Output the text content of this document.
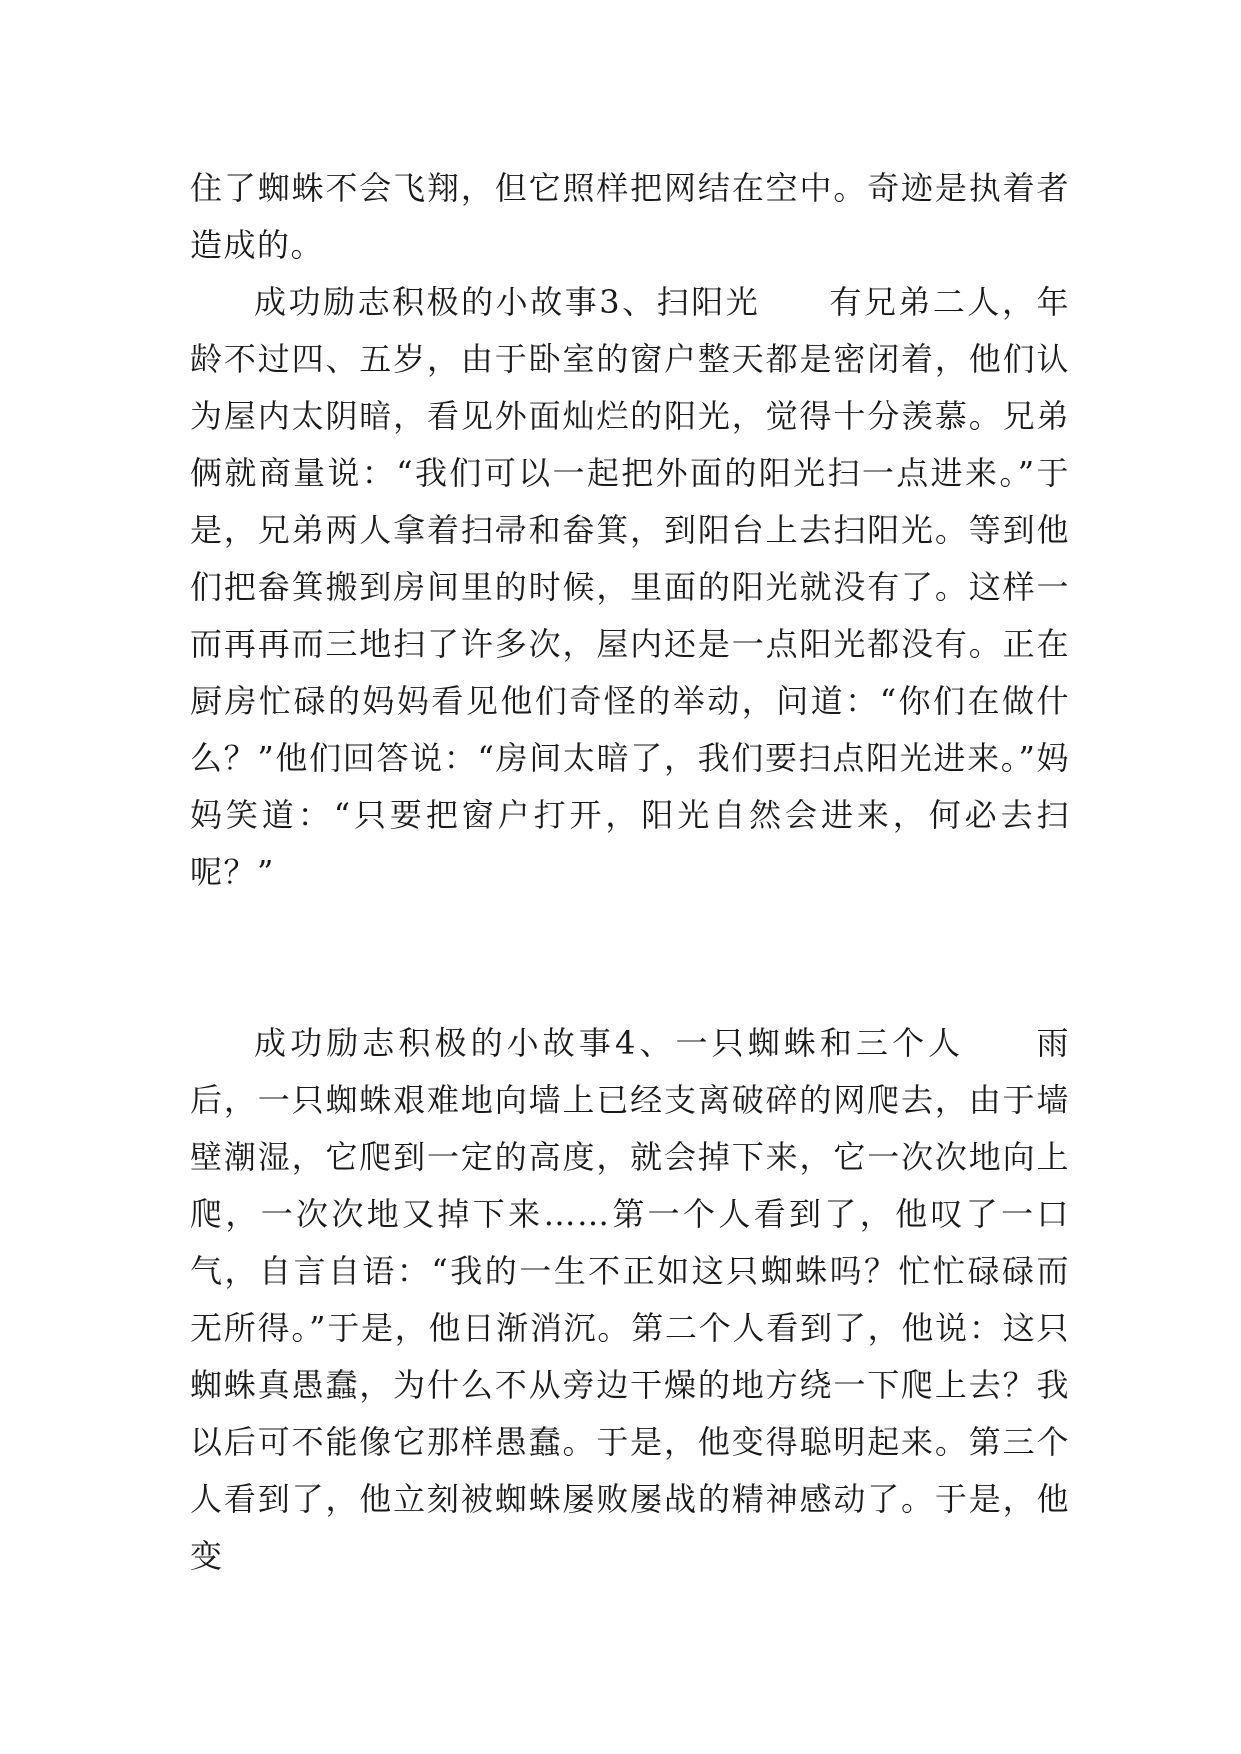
住了蜘蛛不会飞翔，但它照样把网结在空中。奇迹是执着者造成的。

成功励志积极的小故事3、扫阳光　　 有兄弟二人，年龄不过四、五岁，由于卧室的窗户整天都是密闭着，他们认为屋内太阴暗，看见外面灿烂的阳光，觉得十分羡慕。兄弟俩就商量说：“我们可以一起把外面的阳光扫一点进来。”于是，兄弟两人拿着扫帚和畚箕，到阳台上去扫阳光。等到他们把畚箕搬到房间里的时候，里面的阳光就没有了。这样一而再再而三地扫了许多次，屋内还是一点阳光都没有。正在厨房忙碌的妈妈看见他们奇怪的举动，问道：“你们在做什么？”他们回答说：“房间太暗了，我们要扫点阳光进来。”妈妈笑道：“只要把窗户打开，阳光自然会进来，何必去扫呢？”

成功励志积极的小故事4、一只蜘蛛和三个人　　 雨后，一只蜘蛛艰难地向墙上已经支离破碎的网爬去，由于墙壁潮湿，它爬到一定的高度，就会掉下来，它一次次地向上爬，一次次地又掉下来……第一个人看到了，他叹了一口气，自言自语：“我的一生不正如这只蜘蛛吗？忙忙碌碌而无所得。”于是，他日渐消沉。第二个人看到了，他说：这只蜘蛛真愚蠢，为什么不从旁边干燥的地方绕一下爬上去？我以后可不能像它那样愚蠢。于是，他变得聪明起来。第三个人看到了，他立刻被蜘蛛屡败屡战的精神感动了。于是，他变
